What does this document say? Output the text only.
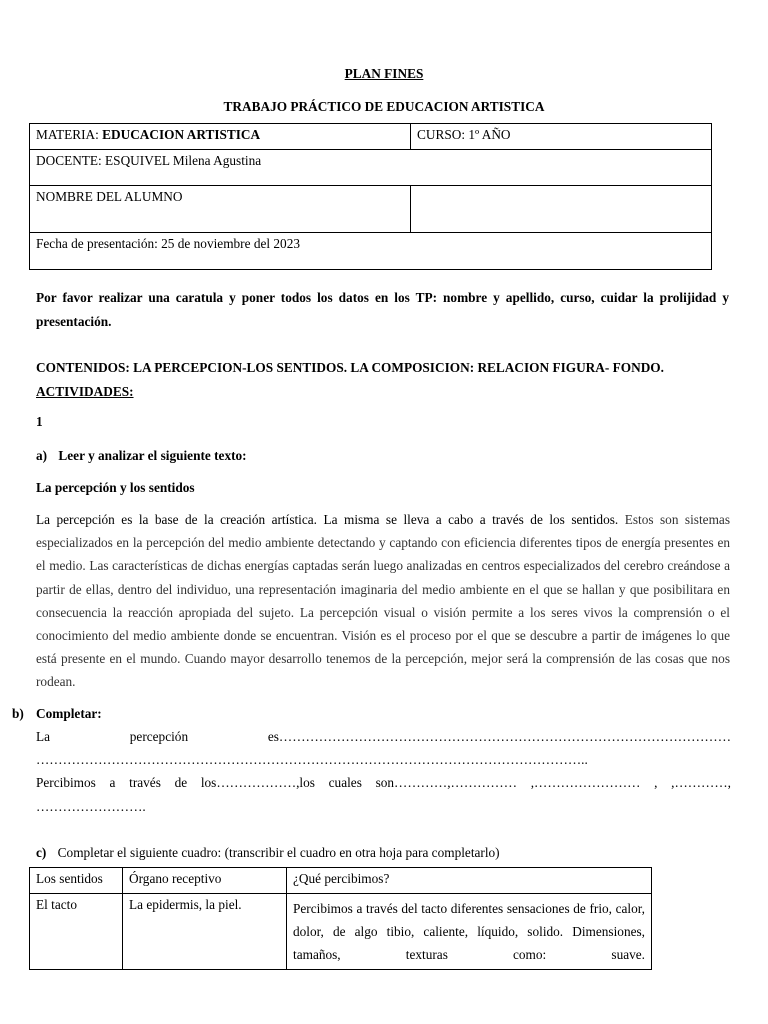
PLAN FINES
TRABAJO PRÁCTICO DE EDUCACION ARTISTICA
MATERIA: EDUCACION ARTISTICA	CURSO: 1º AÑO
DOCENTE: ESQUIVEL Milena Agustina	
NOMBRE DEL ALUMNO	
Fecha de presentación: 25 de noviembre del 2023	
Por favor realizar una caratula y poner todos los datos en los TP: nombre y apellido, curso, cuidar la prolijidad y presentación.
CONTENIDOS: LA PERCEPCION-LOS SENTIDOS. LA COMPOSICION: RELACION FIGURA- FONDO.
ACTIVIDADES:
1
a) Leer y analizar el siguiente texto:
La percepción y los sentidos
La percepción es la base de la creación artística. La misma se lleva a cabo a través de los sentidos. Estos son sistemas especializados en la percepción del medio ambiente detectando y captando con eficiencia diferentes tipos de energía presentes en el medio. Las características de dichas energías captadas serán luego analizadas en centros especializados del cerebro creándose a partir de ellas, dentro del individuo, una representación imaginaria del medio ambiente en el que se hallan y que posibilitara en consecuencia la reacción apropiada del sujeto. La percepción visual o visión permite a los seres vivos la comprensión o el conocimiento del medio ambiente donde se encuentran. Visión es el proceso por el que se descubre a partir de imágenes lo que está presente en el mundo. Cuando mayor desarrollo tenemos de la percepción, mejor será la comprensión de las cosas que nos rodean.
b) Completar:
La	percepción	es…………………………………………………………………………………………
……………………………………………………………………………………………………………..
Percibimos a través de los………………,los cuales son…………,…………… ,…………………… , ,…………,
…………………….
c) Completar el siguiente cuadro: (transcribir el cuadro en otra hoja para completarlo)
Los sentidos	Órgano receptivo	¿Qué percibimos?
El tacto	La epidermis, la piel.	Percibimos a través del tacto diferentes sensaciones de frio, calor, dolor, de algo tibio, caliente, líquido, solido. Dimensiones, tamaños, texturas como: suave.
